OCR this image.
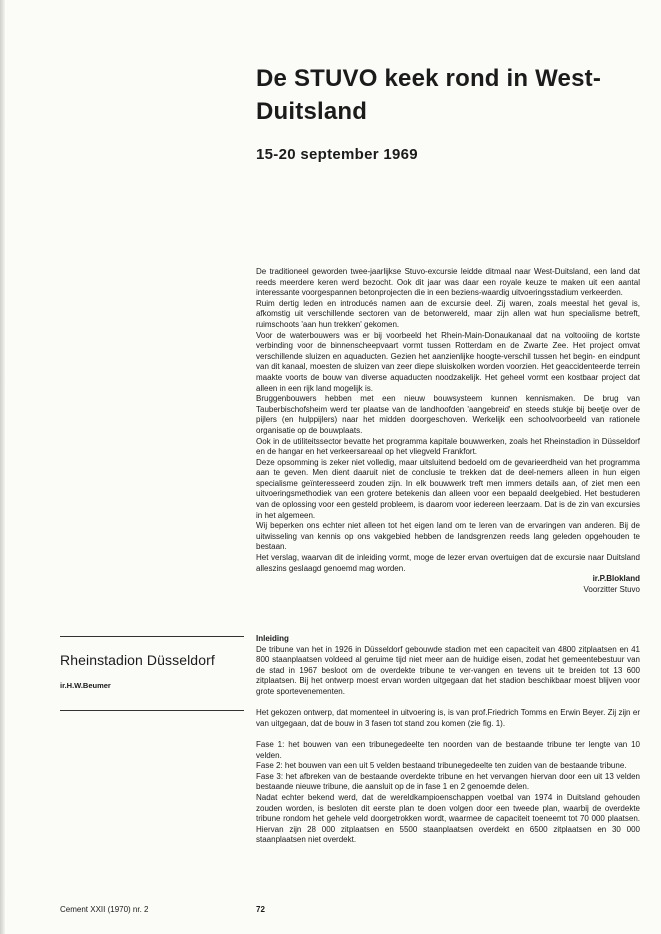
De STUVO keek rond in West-Duitsland
15-20 september 1969

De traditioneel geworden twee-jaarlijkse Stuvo-excursie leidde ditmaal naar West-Duitsland, een land dat reeds meerdere keren werd bezocht. Ook dit jaar was daar een royale keuze te maken uit een aantal interessante voorgespannen betonprojecten die in een beziens-waardig uitvoeringsstadium verkeerden.

Ruim dertig leden en introducés namen aan de excursie deel. Zij waren, zoals meestal het geval is, afkomstig uit verschillende sectoren van de betonwereld, maar zijn allen wat hun specialisme betreft, ruimschoots 'aan hun trekken' gekomen.

Voor de waterbouwers was er bij voorbeeld het Rhein-Main-Donaukanaal dat na voltooiing de kortste verbinding voor de binnenscheepvaart vormt tussen Rotterdam en de Zwarte Zee. Het project omvat verschillende sluizen en aquaducten. Gezien het aanzienlijke hoogte-verschil tussen het begin- en eindpunt van dit kanaal, moesten de sluizen van zeer diepe sluiskolken worden voorzien. Het geaccidenteerde terrein maakte voorts de bouw van diverse aquaducten noodzakelijk. Het geheel vormt een kostbaar project dat alleen in een rijk land mogelijk is.

Bruggenbouwers hebben met een nieuw bouwsysteem kunnen kennismaken. De brug van Tauberbischofsheim werd ter plaatse van de landhoofden 'aangebreid' en steeds stukje bij beetje over de pijlers (en hulppijlers) naar het midden doorgeschoven. Werkelijk een schoolvoorbeeld van rationele organisatie op de bouwplaats.

Ook in de utiliteitssector bevatte het programma kapitale bouwwerken, zoals het Rheinstadion in Düsseldorf en de hangar en het verkeersareaal op het vliegveld Frankfort.

Deze opsomming is zeker niet volledig, maar uitsluitend bedoeld om de gevarieerdheid van het programma aan te geven. Men dient daaruit niet de conclusie te trekken dat de deel-nemers alleen in hun eigen specialisme geïnteresseerd zouden zijn. In elk bouwwerk treft men immers details aan, of ziet men een uitvoeringsmethodiek van een grotere betekenis dan alleen voor een bepaald deelgebied. Het bestuderen van de oplossing voor een gesteld probleem, is daarom voor iedereen leerzaam. Dat is de zin van excursies in het algemeen.

Wij beperken ons echter niet alleen tot het eigen land om te leren van de ervaringen van anderen. Bij de uitwisseling van kennis op ons vakgebied hebben de landsgrenzen reeds lang geleden opgehouden te bestaan.

Het verslag, waarvan dit de inleiding vormt, moge de lezer ervan overtuigen dat de excursie naar Duitsland alleszins geslaagd genoemd mag worden.

ir.P.Blokland
Voorzitter Stuvo
Rheinstadion Düsseldorf
ir.H.W.Beumer
Inleiding

De tribune van het in 1926 in Düsseldorf gebouwde stadion met een capaciteit van 4800 zitplaatsen en 41 800 staanplaatsen voldeed al geruime tijd niet meer aan de huidige eisen, zodat het gemeentebestuur van de stad in 1967 besloot om de overdekte tribune te ver-vangen en tevens uit te breiden tot 13 600 zitplaatsen. Bij het ontwerp moest ervan worden uitgegaan dat het stadion beschikbaar moest blijven voor grote sportevenementen.

Het gekozen ontwerp, dat momenteel in uitvoering is, is van prof.Friedrich Tomms en Erwin Beyer. Zij zijn er van uitgegaan, dat de bouw in 3 fasen tot stand zou komen (zie fig. 1).

Fase 1: het bouwen van een tribunegedeelte ten noorden van de bestaande tribune ter lengte van 10 velden.

Fase 2: het bouwen van een uit 5 velden bestaand tribunegedeelte ten zuiden van de bestaande tribune.

Fase 3: het afbreken van de bestaande overdekte tribune en het vervangen hiervan door een uit 13 velden bestaande nieuwe tribune, die aansluit op de in fase 1 en 2 genoemde delen.

Nadat echter bekend werd, dat de wereldkampioenschappen voetbal van 1974 in Duitsland gehouden zouden worden, is besloten dit eerste plan te doen volgen door een tweede plan, waarbij de overdekte tribune rondom het gehele veld doorgetrokken wordt, waarmee de capaciteit toeneemt tot 70 000 plaatsen. Hiervan zijn 28 000 zitplaatsen en 5500 staanplaatsen overdekt en 6500 zitplaatsen en 30 000 staanplaatsen niet overdekt.

Cement XXII (1970) nr. 2	72
